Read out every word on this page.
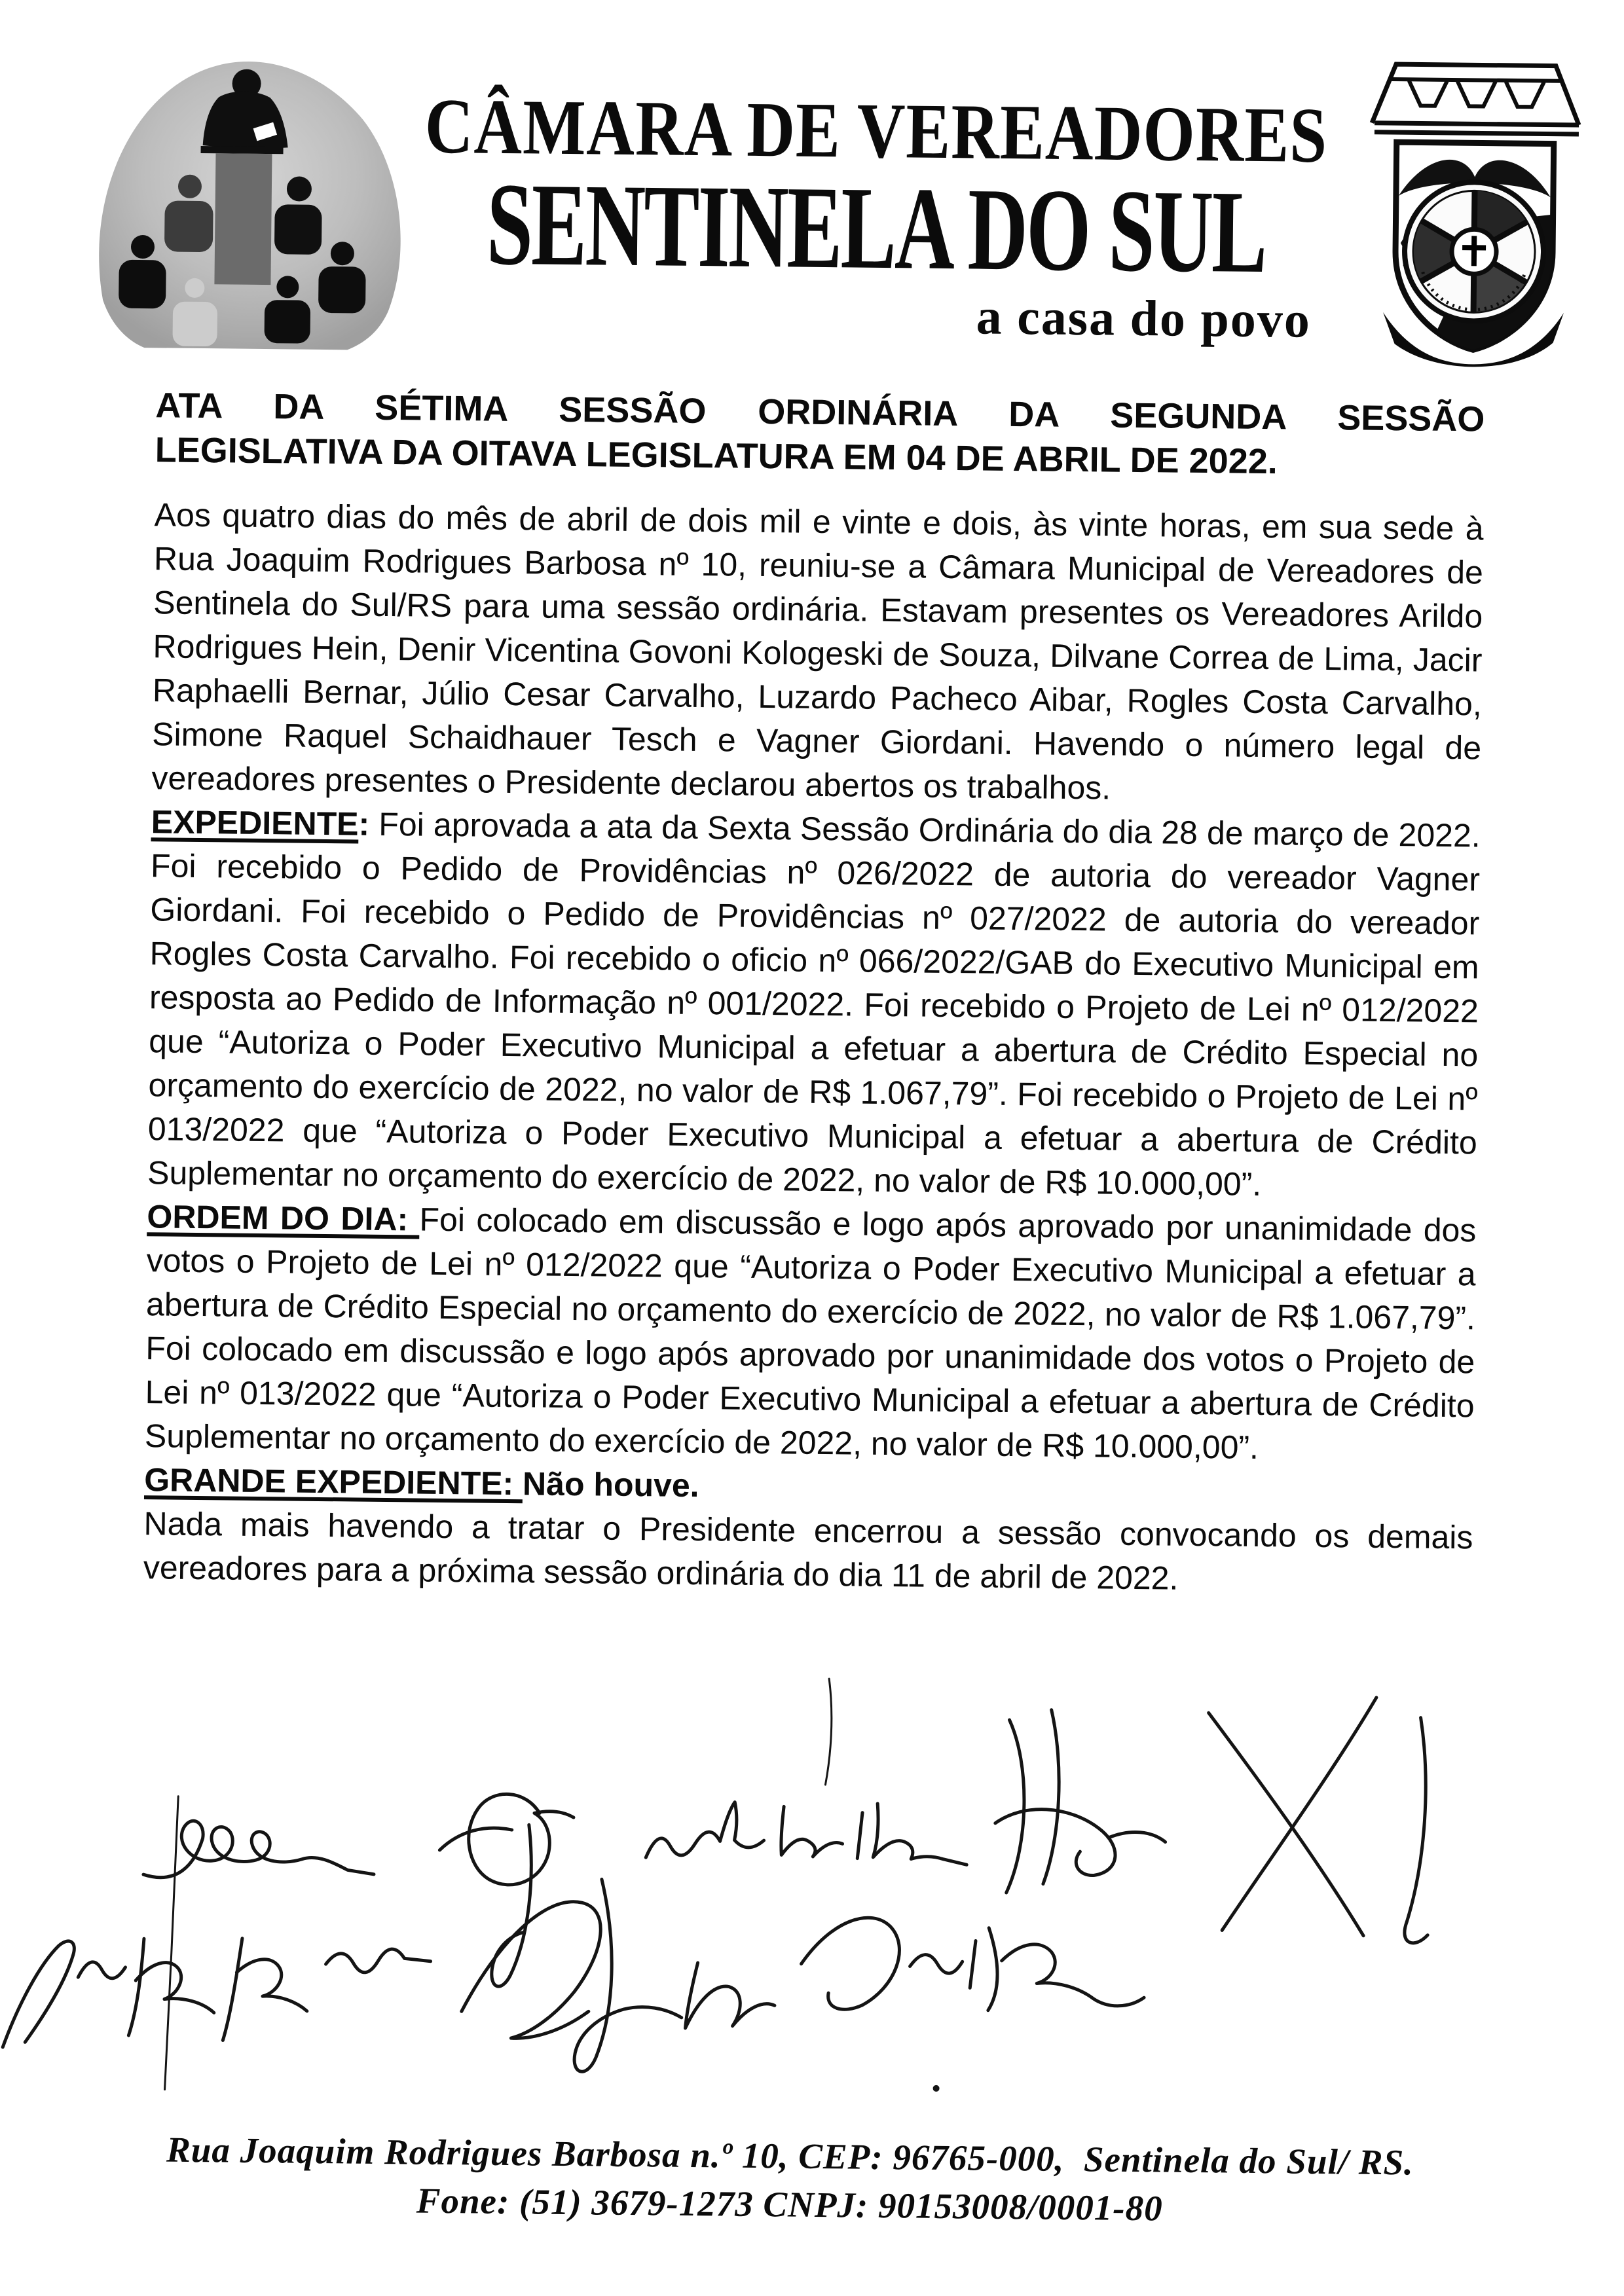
CÂMARA DE VEREADORES
SENTINELA DO SUL
a casa do povo
ATA DA SÉTIMA SESSÃO ORDINÁRIA DA SEGUNDA SESSÃO
LEGISLATIVA DA OITAVA LEGISLATURA EM 04 DE ABRIL DE 2022.

Aos quatro dias do mês de abril de dois mil e vinte e dois, às vinte horas, em sua sede à Rua Joaquim Rodrigues Barbosa nº 10, reuniu-se a Câmara Municipal de Vereadores de Sentinela do Sul/RS para uma sessão ordinária. Estavam presentes os Vereadores Arildo Rodrigues Hein, Denir Vicentina Govoni Kologeski de Souza, Dilvane Correa de Lima, Jacir Raphaelli Bernar, Júlio Cesar Carvalho, Luzardo Pacheco Aibar, Rogles Costa Carvalho, Simone Raquel Schaidhauer Tesch e Vagner Giordani. Havendo o número legal de vereadores presentes o Presidente declarou abertos os trabalhos.

EXPEDIENTE: Foi aprovada a ata da Sexta Sessão Ordinária do dia 28 de março de 2022. Foi recebido o Pedido de Providências nº 026/2022 de autoria do vereador Vagner Giordani. Foi recebido o Pedido de Providências nº 027/2022 de autoria do vereador Rogles Costa Carvalho. Foi recebido o oficio nº 066/2022/GAB do Executivo Municipal em resposta ao Pedido de Informação nº 001/2022. Foi recebido o Projeto de Lei nº 012/2022 que “Autoriza o Poder Executivo Municipal a efetuar a abertura de Crédito Especial no orçamento do exercício de 2022, no valor de R$ 1.067,79”. Foi recebido o Projeto de Lei nº 013/2022 que “Autoriza o Poder Executivo Municipal a efetuar a abertura de Crédito Suplementar no orçamento do exercício de 2022, no valor de R$ 10.000,00”.

ORDEM DO DIA: Foi colocado em discussão e logo após aprovado por unanimidade dos votos o Projeto de Lei nº 012/2022 que “Autoriza o Poder Executivo Municipal a efetuar a abertura de Crédito Especial no orçamento do exercício de 2022, no valor de R$ 1.067,79”. Foi colocado em discussão e logo após aprovado por unanimidade dos votos o Projeto de Lei nº 013/2022 que “Autoriza o Poder Executivo Municipal a efetuar a abertura de Crédito Suplementar no orçamento do exercício de 2022, no valor de R$ 10.000,00”.

GRANDE EXPEDIENTE: Não houve.

Nada mais havendo a tratar o Presidente encerrou a sessão convocando os demais vereadores para a próxima sessão ordinária do dia 11 de abril de 2022.

Rua Joaquim Rodrigues Barbosa n.º 10, CEP: 96765-000,  Sentinela do Sul/ RS.
Fone: (51) 3679-1273 CNPJ: 90153008/0001-80
